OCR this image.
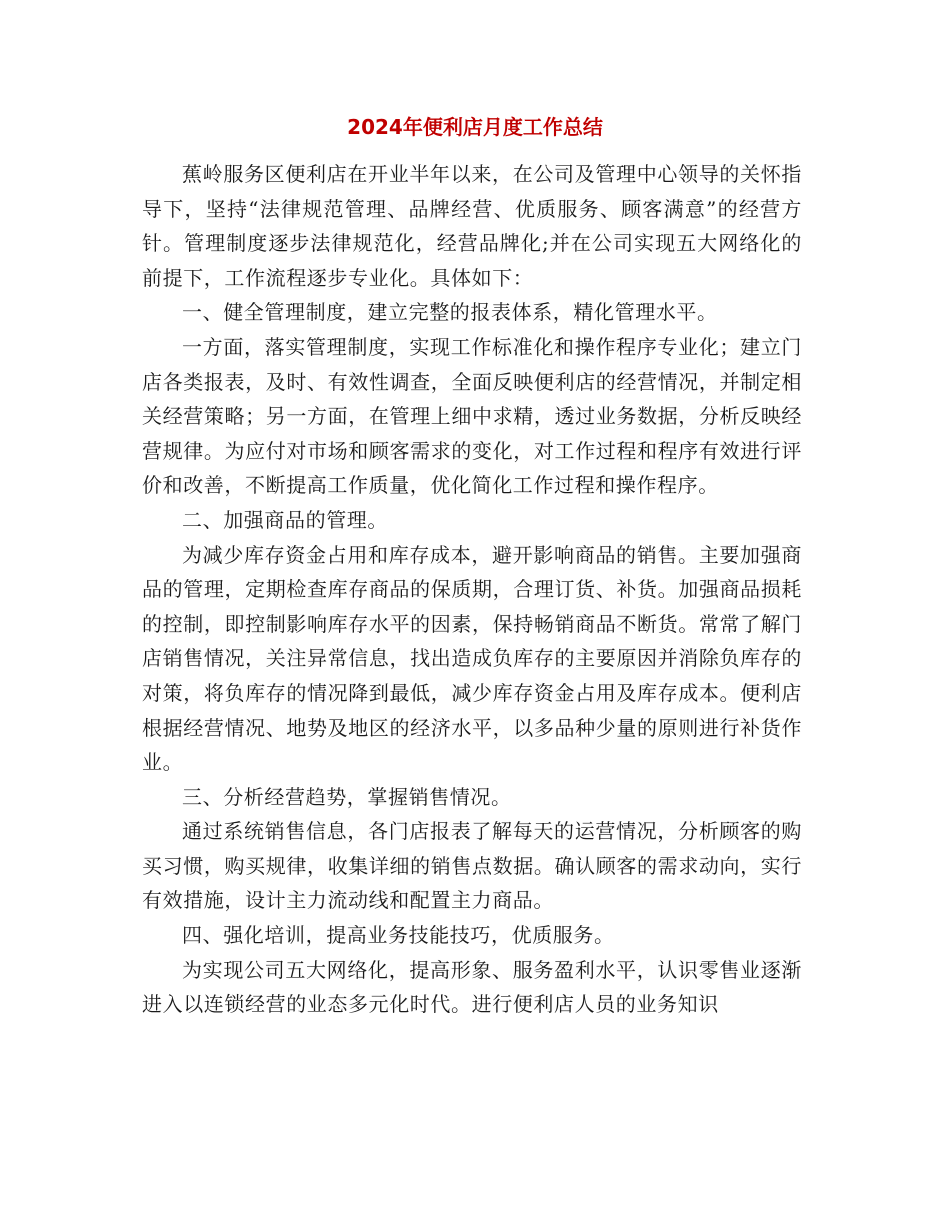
2024年便利店月度工作总结

蕉岭服务区便利店在开业半年以来，在公司及管理中心领导的关怀指导下，坚持“法律规范管理、品牌经营、优质服务、顾客满意”的经营方针。管理制度逐步法律规范化，经营品牌化;并在公司实现五大网络化的前提下，工作流程逐步专业化。具体如下：

一、健全管理制度，建立完整的报表体系，精化管理水平。

一方面，落实管理制度，实现工作标准化和操作程序专业化；建立门店各类报表，及时、有效性调查，全面反映便利店的经营情况，并制定相关经营策略；另一方面，在管理上细中求精，透过业务数据，分析反映经营规律。为应付对市场和顾客需求的变化，对工作过程和程序有效进行评价和改善，不断提高工作质量，优化简化工作过程和操作程序。

二、加强商品的管理。

为减少库存资金占用和库存成本，避开影响商品的销售。主要加强商品的管理，定期检查库存商品的保质期，合理订货、补货。加强商品损耗的控制，即控制影响库存水平的因素，保持畅销商品不断货。常常了解门店销售情况，关注异常信息，找出造成负库存的主要原因并消除负库存的对策，将负库存的情况降到最低，减少库存资金占用及库存成本。便利店根据经营情况、地势及地区的经济水平，以多品种少量的原则进行补货作业。

三、分析经营趋势，掌握销售情况。

通过系统销售信息，各门店报表了解每天的运营情况，分析顾客的购买习惯，购买规律，收集详细的销售点数据。确认顾客的需求动向，实行有效措施，设计主力流动线和配置主力商品。

四、强化培训，提高业务技能技巧，优质服务。

为实现公司五大网络化，提高形象、服务盈利水平，认识零售业逐渐进入以连锁经营的业态多元化时代。进行便利店人员的业务知识
